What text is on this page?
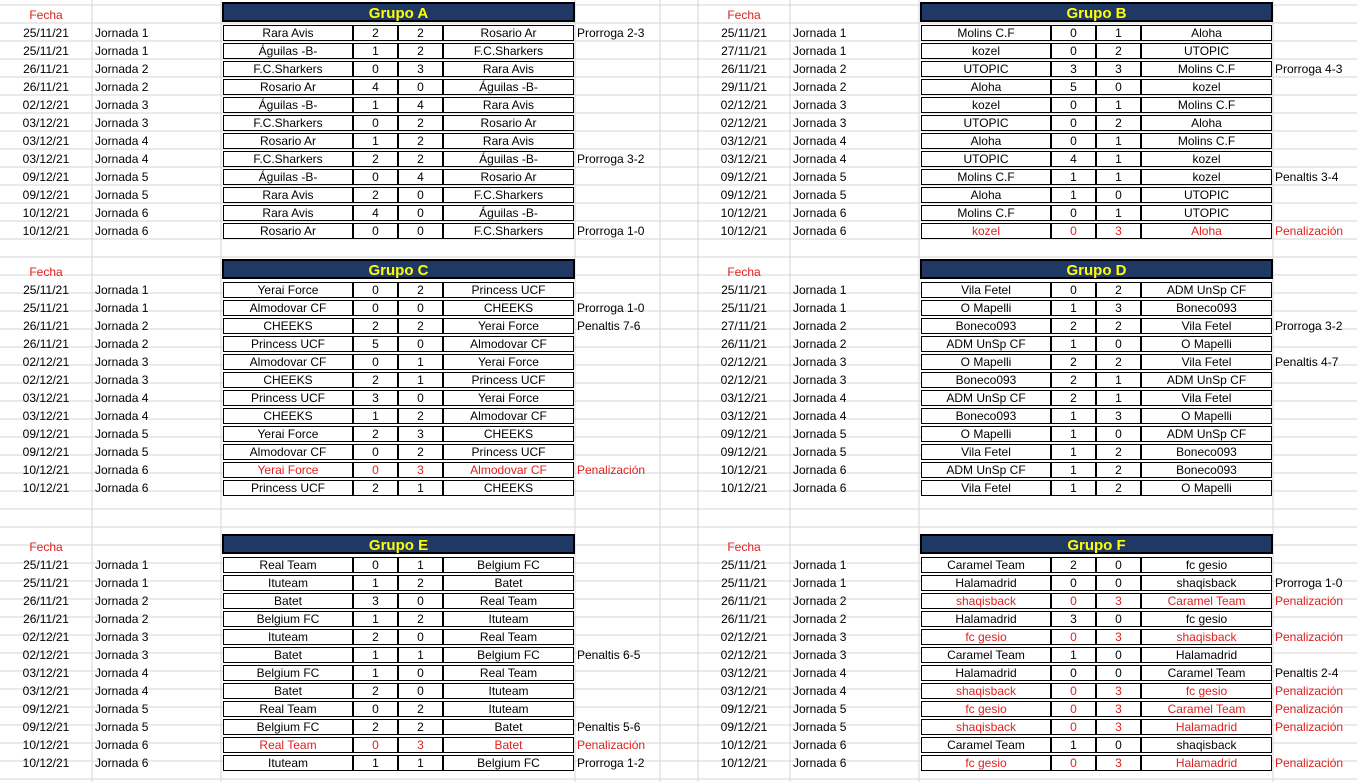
Fecha	Grupo A
25/11/21	Jornada 1	Rara Avis	2	2	Rosario Ar	Prorroga 2-3
25/11/21	Jornada 1	Águilas -B-	1	2	F.C.Sharkers
26/11/21	Jornada 2	F.C.Sharkers	0	3	Rara Avis
26/11/21	Jornada 2	Rosario Ar	4	0	Águilas -B-
02/12/21	Jornada 3	Águilas -B-	1	4	Rara Avis
03/12/21	Jornada 3	F.C.Sharkers	0	2	Rosario Ar
03/12/21	Jornada 4	Rosario Ar	1	2	Rara Avis
03/12/21	Jornada 4	F.C.Sharkers	2	2	Águilas -B-	Prorroga 3-2
09/12/21	Jornada 5	Águilas -B-	0	4	Rosario Ar
09/12/21	Jornada 5	Rara Avis	2	0	F.C.Sharkers
10/12/21	Jornada 6	Rara Avis	4	0	Águilas -B-
10/12/21	Jornada 6	Rosario Ar	0	0	F.C.Sharkers	Prorroga 1-0
Fecha	Grupo B
25/11/21	Jornada 1	Molins C.F	0	1	Aloha
27/11/21	Jornada 1	kozel	0	2	UTOPIC
26/11/21	Jornada 2	UTOPIC	3	3	Molins C.F	Prorroga 4-3
29/11/21	Jornada 2	Aloha	5	0	kozel
02/12/21	Jornada 3	kozel	0	1	Molins C.F
02/12/21	Jornada 3	UTOPIC	0	2	Aloha
03/12/21	Jornada 4	Aloha	0	1	Molins C.F
03/12/21	Jornada 4	UTOPIC	4	1	kozel
09/12/21	Jornada 5	Molins C.F	1	1	kozel	Penaltis 3-4
09/12/21	Jornada 5	Aloha	1	0	UTOPIC
10/12/21	Jornada 6	Molins C.F	0	1	UTOPIC
10/12/21	Jornada 6	kozel	0	3	Aloha	Penalización
Fecha	Grupo C
25/11/21	Jornada 1	Yerai Force	0	2	Princess UCF
25/11/21	Jornada 1	Almodovar CF	0	0	CHEEKS	Prorroga 1-0
26/11/21	Jornada 2	CHEEKS	2	2	Yerai Force	Penaltis 7-6
26/11/21	Jornada 2	Princess UCF	5	0	Almodovar CF
02/12/21	Jornada 3	Almodovar CF	0	1	Yerai Force
02/12/21	Jornada 3	CHEEKS	2	1	Princess UCF
03/12/21	Jornada 4	Princess UCF	3	0	Yerai Force
03/12/21	Jornada 4	CHEEKS	1	2	Almodovar CF
09/12/21	Jornada 5	Yerai Force	2	3	CHEEKS
09/12/21	Jornada 5	Almodovar CF	0	2	Princess UCF
10/12/21	Jornada 6	Yerai Force	0	3	Almodovar CF	Penalización
10/12/21	Jornada 6	Princess UCF	2	1	CHEEKS
Fecha	Grupo D
25/11/21	Jornada 1	Vila Fetel	0	2	ADM UnSp CF
25/11/21	Jornada 1	O Mapelli	1	3	Boneco093
27/11/21	Jornada 2	Boneco093	2	2	Vila Fetel	Prorroga 3-2
26/11/21	Jornada 2	ADM UnSp CF	1	0	O Mapelli
02/12/21	Jornada 3	O Mapelli	2	2	Vila Fetel	Penaltis 4-7
02/12/21	Jornada 3	Boneco093	2	1	ADM UnSp CF
03/12/21	Jornada 4	ADM UnSp CF	2	1	Vila Fetel
03/12/21	Jornada 4	Boneco093	1	3	O Mapelli
09/12/21	Jornada 5	O Mapelli	1	0	ADM UnSp CF
09/12/21	Jornada 5	Vila Fetel	1	2	Boneco093
10/12/21	Jornada 6	ADM UnSp CF	1	2	Boneco093
10/12/21	Jornada 6	Vila Fetel	1	2	O Mapelli
Fecha	Grupo E
25/11/21	Jornada 1	Real Team	0	1	Belgium FC
25/11/21	Jornada 1	Ituteam	1	2	Batet
26/11/21	Jornada 2	Batet	3	0	Real Team
26/11/21	Jornada 2	Belgium FC	1	2	Ituteam
02/12/21	Jornada 3	Ituteam	2	0	Real Team
02/12/21	Jornada 3	Batet	1	1	Belgium FC	Penaltis 6-5
03/12/21	Jornada 4	Belgium FC	1	0	Real Team
03/12/21	Jornada 4	Batet	2	0	Ituteam
09/12/21	Jornada 5	Real Team	0	2	Ituteam
09/12/21	Jornada 5	Belgium FC	2	2	Batet	Penaltis 5-6
10/12/21	Jornada 6	Real Team	0	3	Batet	Penalización
10/12/21	Jornada 6	Ituteam	1	1	Belgium FC	Prorroga 1-2
Fecha	Grupo F
25/11/21	Jornada 1	Caramel Team	2	0	fc gesio
25/11/21	Jornada 1	Halamadrid	0	0	shaqisback	Prorroga 1-0
26/11/21	Jornada 2	shaqisback	0	3	Caramel Team	Penalización
26/11/21	Jornada 2	Halamadrid	3	0	fc gesio
02/12/21	Jornada 3	fc gesio	0	3	shaqisback	Penalización
02/12/21	Jornada 3	Caramel Team	1	0	Halamadrid
03/12/21	Jornada 4	Halamadrid	0	0	Caramel Team	Penaltis 2-4
03/12/21	Jornada 4	shaqisback	0	3	fc gesio	Penalización
09/12/21	Jornada 5	fc gesio	0	3	Caramel Team	Penalización
09/12/21	Jornada 5	shaqisback	0	3	Halamadrid	Penalización
10/12/21	Jornada 6	Caramel Team	1	0	shaqisback
10/12/21	Jornada 6	fc gesio	0	3	Halamadrid	Penalización
